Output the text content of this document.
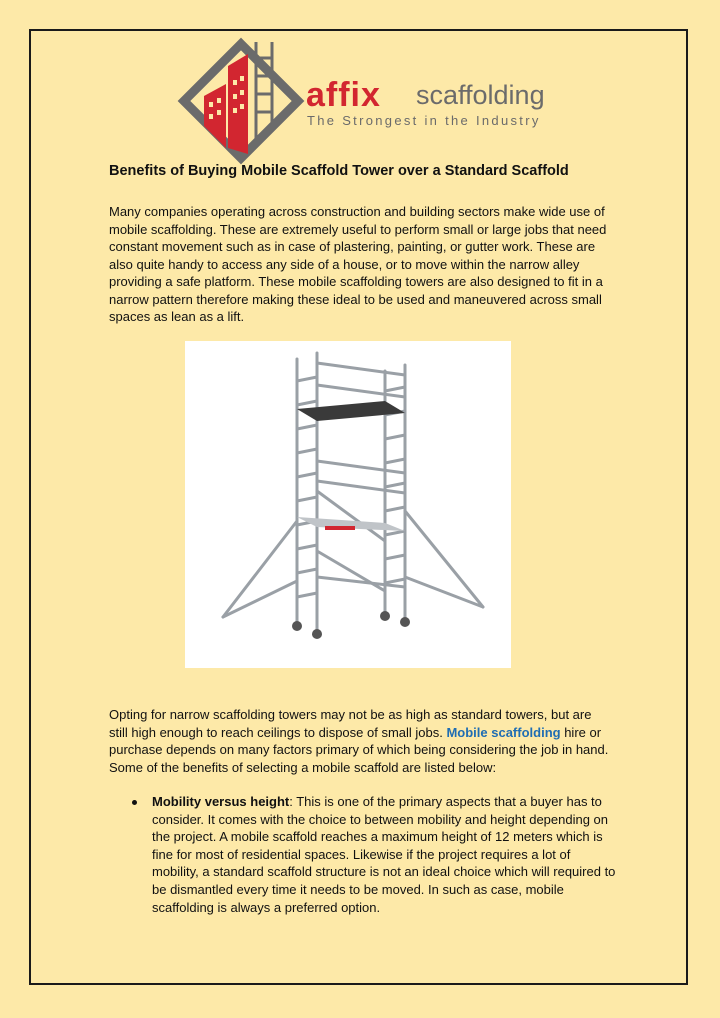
affix scaffolding
The Strongest in the Industry
Benefits of Buying Mobile Scaffold Tower over a Standard Scaffold

Many companies operating across construction and building sectors make wide use of mobile scaffolding. These are extremely useful to perform small or large jobs that need constant movement such as in case of plastering, painting, or gutter work. These are also quite handy to access any side of a house, or to move within the narrow alley providing a safe platform. These mobile scaffolding towers are also designed to fit in a narrow pattern therefore making these ideal to be used and maneuvered across small spaces as lean as a lift.

Opting for narrow scaffolding towers may not be as high as standard towers, but are still high enough to reach ceilings to dispose of small jobs. Mobile scaffolding hire or purchase depends on many factors primary of which being considering the job in hand. Some of the benefits of selecting a mobile scaffold are listed below:

Mobility versus height: This is one of the primary aspects that a buyer has to consider. It comes with the choice to between mobility and height depending on the project. A mobile scaffold reaches a maximum height of 12 meters which is fine for most of residential spaces. Likewise if the project requires a lot of mobility, a standard scaffold structure is not an ideal choice which will required to be dismantled every time it needs to be moved. In such as case, mobile scaffolding is always a preferred option.
